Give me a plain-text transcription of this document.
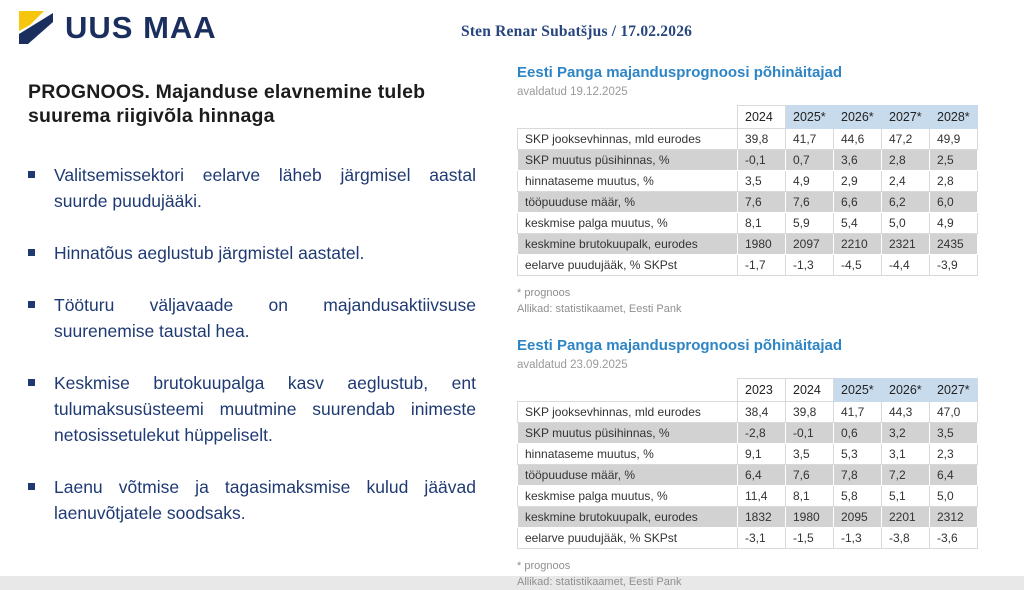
UUS MAA	Sten Renar Subatšjus / 17.02.2026
PROGNOOS. Majanduse elavnemine tuleb suurema riigivõla hinnaga
Valitsemissektori eelarve läheb järgmisel aastal suurde puudujääki.
Hinnatõus aeglustub järgmistel aastatel.
Tööturu väljavaade on majandusaktiivsuse suurenemise taustal hea.
Keskmise brutokuupalga kasv aeglustub, ent tulumaksusüsteemi muutmine suurendab inimeste netosissetulekut hüppeliselt.
Laenu võtmise ja tagasimaksmise kulud jäävad laenuvõtjatele soodsaks.
Eesti Panga majandusprognoosi põhinäitajad
avaldatud 19.12.2025
	2024	2025*	2026*	2027*	2028*
SKP jooksevhinnas, mld eurodes	39,8	41,7	44,6	47,2	49,9
SKP muutus püsihinnas, %	-0,1	0,7	3,6	2,8	2,5
hinnataseme muutus, %	3,5	4,9	2,9	2,4	2,8
tööpuuduse määr, %	7,6	7,6	6,6	6,2	6,0
keskmise palga muutus, %	8,1	5,9	5,4	5,0	4,9
keskmine brutokuupalk, eurodes	1980	2097	2210	2321	2435
eelarve puudujääk, % SKPst	-1,7	-1,3	-4,5	-4,4	-3,9
* prognoos
Allikad: statistikaamet, Eesti Pank
Eesti Panga majandusprognoosi põhinäitajad
avaldatud 23.09.2025
	2023	2024	2025*	2026*	2027*
SKP jooksevhinnas, mld eurodes	38,4	39,8	41,7	44,3	47,0
SKP muutus püsihinnas, %	-2,8	-0,1	0,6	3,2	3,5
hinnataseme muutus, %	9,1	3,5	5,3	3,1	2,3
tööpuuduse määr, %	6,4	7,6	7,8	7,2	6,4
keskmise palga muutus, %	11,4	8,1	5,8	5,1	5,0
keskmine brutokuupalk, eurodes	1832	1980	2095	2201	2312
eelarve puudujääk, % SKPst	-3,1	-1,5	-1,3	-3,8	-3,6
* prognoos
Allikad: statistikaamet, Eesti Pank
